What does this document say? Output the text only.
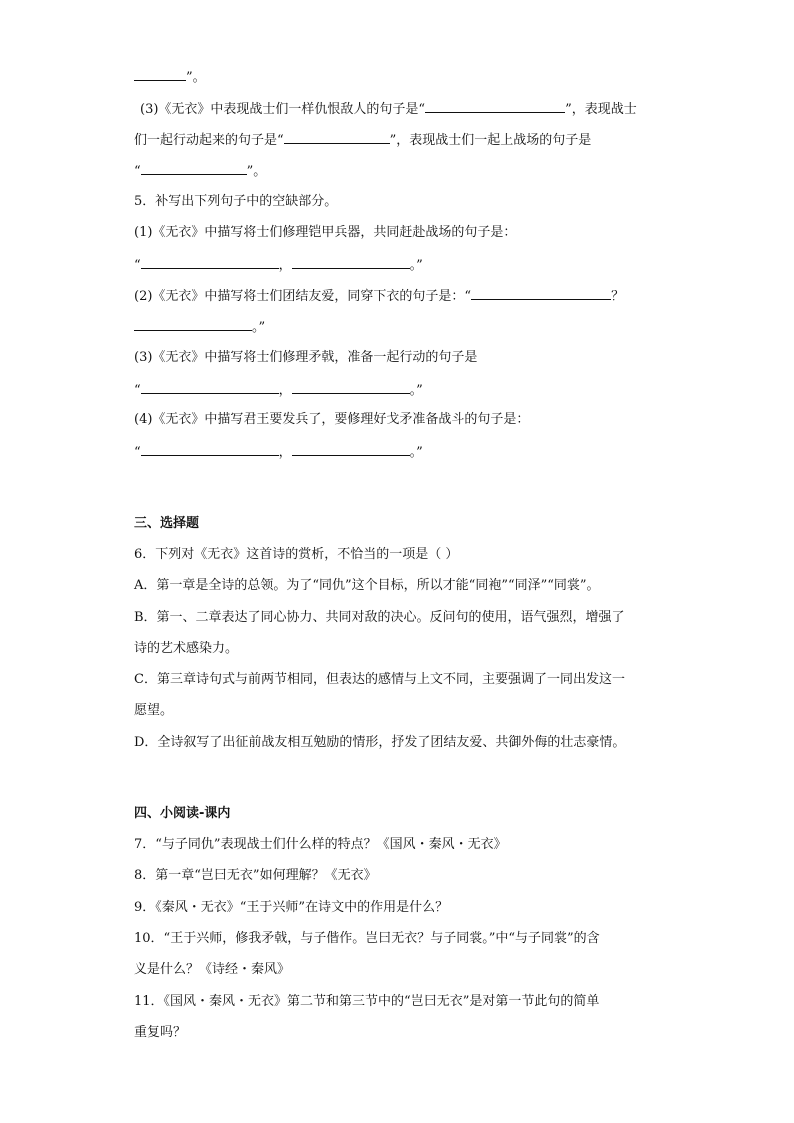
”。
(3)《无衣》中表现战士们一样仇恨敌人的句子是“	”，表现战士
们一起行动起来的句子是“	”，表现战士们一起上战场的句子是
“	”。
5．补写出下列句子中的空缺部分。
(1)《无衣》中描写将士们修理铠甲兵器，共同赶赴战场的句子是：
“	，	。”
(2)《无衣》中描写将士们团结友爱，同穿下衣的句子是：“	？
。”
(3)《无衣》中描写将士们修理矛戟，准备一起行动的句子是
“	，	。”
(4)《无衣》中描写君王要发兵了，要修理好戈矛准备战斗的句子是：
“	，	。”
三、选择题
6．下列对《无衣》这首诗的赏析，不恰当的一项是（ ）
A．第一章是全诗的总领。为了“同仇”这个目标，所以才能“同袍”“同泽”“同裳”。
B．第一、二章表达了同心协力、共同对敌的决心。反问句的使用，语气强烈，增强了
诗的艺术感染力。
C．第三章诗句式与前两节相同，但表达的感情与上文不同，主要强调了一同出发这一
愿望。
D．全诗叙写了出征前战友相互勉励的情形，抒发了团结友爱、共御外侮的壮志豪情。
四、小阅读-课内
7．“与子同仇”表现战士们什么样的特点？《国风・秦风・无衣》
8．第一章“岂曰无衣”如何理解？《无衣》
9．《秦风・无衣》“王于兴师”在诗文中的作用是什么？
10．“王于兴师，修我矛戟，与子偕作。岂曰无衣？与子同裳。”中“与子同裳”的含
义是什么？《诗经・秦风》
11．《国风・秦风・无衣》第二节和第三节中的“岂曰无衣”是对第一节此句的简单
重复吗？
